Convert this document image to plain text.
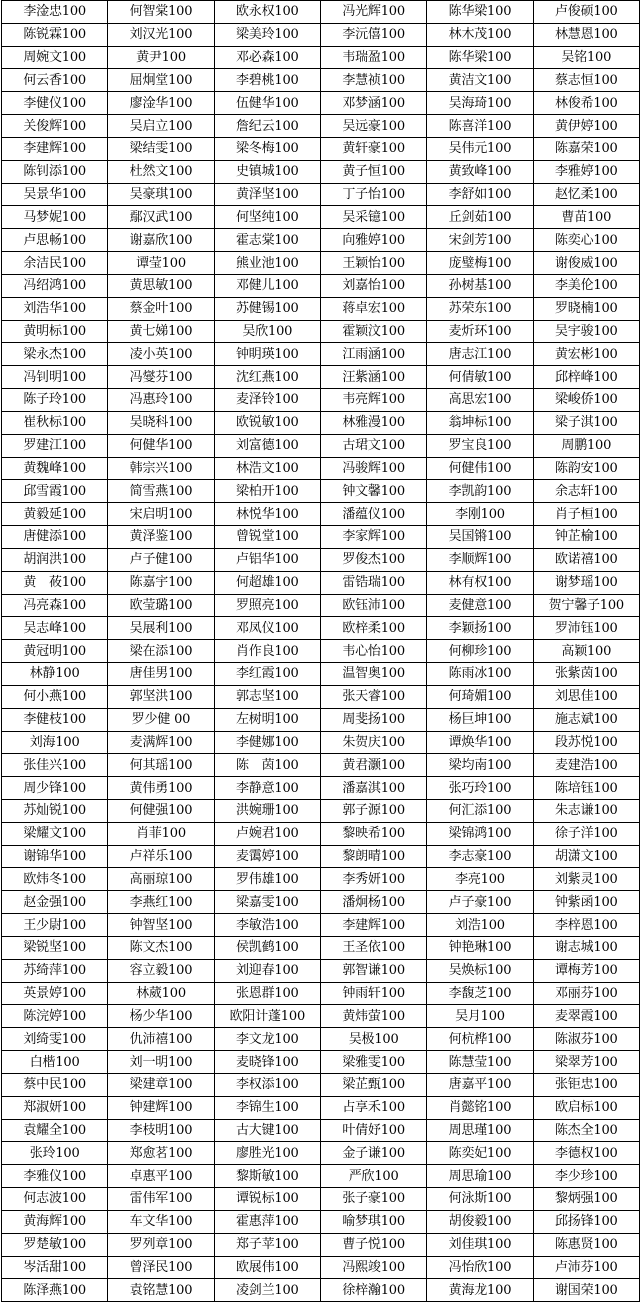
李淦忠100	何智棠100	欧永权100	冯光辉100	陈华梁100	卢俊硕100
陈锐霖100	刘汉光100	梁美玲100	李沅僖100	林木茂100	林慧恩100
周婉文100	黄尹100	邓必森100	韦瑞盈100	陈华梁100	吴铭100
何云香100	屈炯堂100	李碧桃100	李慧祯100	黄洁文100	蔡志恒100
李健仪100	廖淦华100	伍健华100	邓梦涵100	吴海琦100	林俊希100
关俊辉100	吴启立100	詹纪云100	吴远豪100	陈喜洋100	黄伊婷100
李建辉100	梁结雯100	梁冬梅100	黄轩豪100	吴伟元100	陈嘉荣100
陈钊添100	杜然文100	史镇城100	黄子恒100	黄致峰100	李雅婷100
吴景华100	吴豪琪100	黄泽坚100	丁子怡100	李舒如100	赵忆柔100
马梦妮100	鄢汉武100	何坚纯100	吴采镱100	丘剑茹100	曹苗100
卢思畅100	谢嘉欣100	霍志棠100	向雅婷100	宋剑芳100	陈奕心100
余洁民100	谭莹100	熊业池100	王颖怡100	庞璧梅100	谢俊威100
冯绍鸿100	黄思敏100	邓健儿100	刘嘉怡100	孙树基100	李美伦100
刘浩华100	蔡金叶100	苏健锡100	蒋卓宏100	苏荣东100	罗晓楠100
黄明标100	黄七娣100	吴欣100	霍颖汶100	麦炘环100	吴宇骏100
梁永杰100	凌小英100	钟眀瑛100	江雨涵100	唐志江100	黄宏彬100
冯钊明100	冯燮芬100	沈红燕100	汪紫涵100	何倩敏100	邱梓峰100
陈子玲100	冯惠玲100	麦泽铃100	韦亮辉100	高思宏100	梁峻侨100
崔秋标100	吴晓科100	欧锐敏100	林雅漫100	翁坤标100	梁子淇100
罗建江100	何健华100	刘富德100	古珺文100	罗宝良100	周鹏100
黄魏峰100	韩宗兴100	林浩文100	冯骏辉100	何健伟100	陈韵安100
邱雪霞100	简雪燕100	梁柏开100	钟文馨100	李凯韵100	余志轩100
黄毅延100	宋启明100	林悦华100	潘蕴仪100	李刚100	肖子桓100
唐健添100	黄泽鉴100	曾锐堂100	李家辉100	吴国锵100	钟芷榆100
胡润洪100	卢子健100	卢铝华100	罗俊杰100	李顺辉100	欧诺禧100
黄　莜100	陈嘉宇100	何超雄100	雷锆瑞100	林有权100	谢梦瑶100
冯亮森100	欧莹璐100	罗照亮100	欧钰沛100	麦健意100	贺宁馨子100
吴志峰100	吴展利100	邓凤仪100	欧梓柔100	李颖扬100	罗沛钰100
黄冠明100	梁在添100	肖作良100	韦心怡100	何柳珍100	高颖100
林静100	唐佳男100	李红霞100	温智奥100	陈雨冰100	张紫茵100
何小燕100	郭坚洪100	郭志坚100	张天睿100	何琦媚100	刘思佳100
李健枝100	罗少健 00	左树明100	周斐扬100	杨巨坤100	施志斌100
刘海100	麦满辉100	李健娜100	朱贺庆100	谭焕华100	段苏悦100
张佳兴100	何其瑶100	陈　茵100	黄君灏100	梁均南100	麦建浩100
周少锋100	黄伟勇100	李静意100	潘嘉淇100	张巧玲100	陈培钰100
苏灿锐100	何健强100	洪婉珊100	郭子源100	何汇添100	朱志谦100
梁耀文100	肖菲100	卢婉君100	黎映希100	梁锦鸿100	徐子洋100
谢锦华100	卢祥乐100	麦霭婷100	黎朗晴100	李志豪100	胡潇文100
欧炜冬100	高丽琼100	罗伟雄100	李秀妍100	李亮100	刘紫灵100
赵金强100	李燕红100	梁嘉雯100	潘炯杨100	卢子豪100	钟紫函100
王少尉100	钟智坚100	李敏浩100	李建辉100	刘浩100	李梓恩100
梁锐坚100	陈文杰100	侯凯鹤100	王圣依100	钟艳琳100	谢志城100
苏绮萍100	容立毅100	刘迎春100	郭智谦100	吴焕标100	谭梅芳100
英景婷100	林葳100	张恩群100	钟雨轩100	李馥芝100	邓丽芬100
陈浣婷100	杨少华100	欧阳计蓬100	黄炜萤100	吴月100	麦翠霞100
刘绮雯100	仇沛禧100	李文龙100	吴极100	何杭桦100	陈淑芬100
白楷100	刘一明100	麦晓锋100	梁雅雯100	陈慧莹100	梁翠芳100
蔡中民100	梁建章100	李权添100	梁芷甄100	唐嘉平100	张钜忠100
郑淑妍100	钟建辉100	李锦生100	占享禾100	肖懿铭100	欧启标100
袁耀全100	李枝明100	古大键100	叶倩妤100	周思瑾100	陈杰全100
张玲100	郑愈茗100	廖胜光100	金子谦100	陈奕妃100	李德权100
李雅仪100	卓惠平100	黎斯敏100	严欣100	周思瑜100	李少珍100
何志波100	雷伟军100	谭锐标100	张子豪100	何泳斯100	黎炳强100
黄海辉100	车文华100	霍惠萍100	喻梦琪100	胡俊毅100	邱扬锋100
罗楚敏100	罗列章100	郑子苹100	曹子悦100	刘佳琪100	陈惠贤100
岑活甜100	曾泽民100	欧展伟100	冯熙竣100	冯怡欣100	卢沛芬100
陈泽燕100	袁铭慧100	凌剑兰100	徐梓瀚100	黄海龙100	谢国荣100
